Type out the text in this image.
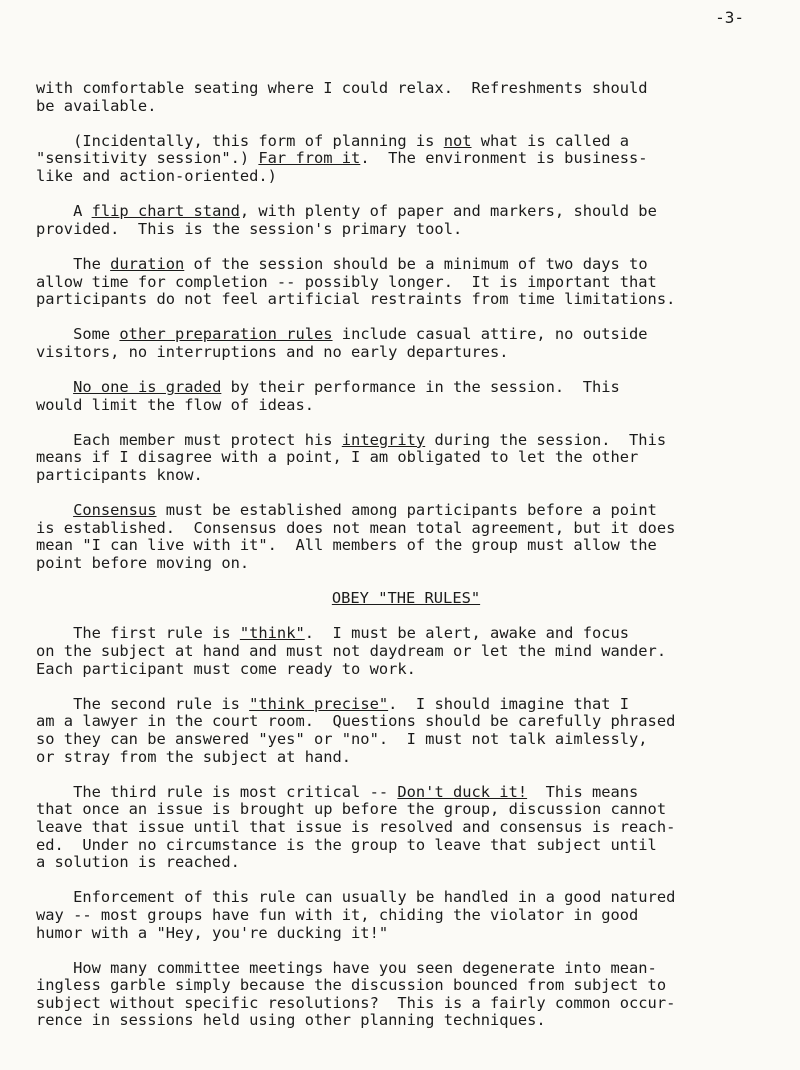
-3-

with comfortable seating where I could relax.  Refreshments should
be available.

(Incidentally, this form of planning is not what is called a
"sensitivity session".) Far from it.  The environment is business-
like and action-oriented.)

A flip chart stand, with plenty of paper and markers, should be
provided.  This is the session's primary tool.

The duration of the session should be a minimum of two days to
allow time for completion -- possibly longer.  It is important that
participants do not feel artificial restraints from time limitations.

Some other preparation rules include casual attire, no outside
visitors, no interruptions and no early departures.

No one is graded by their performance in the session.  This
would limit the flow of ideas.

Each member must protect his integrity during the session.  This
means if I disagree with a point, I am obligated to let the other
participants know.

Consensus must be established among participants before a point
is established.  Consensus does not mean total agreement, but it does
mean "I can live with it".  All members of the group must allow the
point before moving on.

OBEY "THE RULES"

The first rule is "think".  I must be alert, awake and focus
on the subject at hand and must not daydream or let the mind wander.
Each participant must come ready to work.

The second rule is "think precise".  I should imagine that I
am a lawyer in the court room.  Questions should be carefully phrased
so they can be answered "yes" or "no".  I must not talk aimlessly,
or stray from the subject at hand.

The third rule is most critical -- Don't duck it!  This means
that once an issue is brought up before the group, discussion cannot
leave that issue until that issue is resolved and consensus is reach-
ed.  Under no circumstance is the group to leave that subject until
a solution is reached.

Enforcement of this rule can usually be handled in a good natured
way -- most groups have fun with it, chiding the violator in good
humor with a "Hey, you're ducking it!"

How many committee meetings have you seen degenerate into mean-
ingless garble simply because the discussion bounced from subject to
subject without specific resolutions?  This is a fairly common occur-
rence in sessions held using other planning techniques.
